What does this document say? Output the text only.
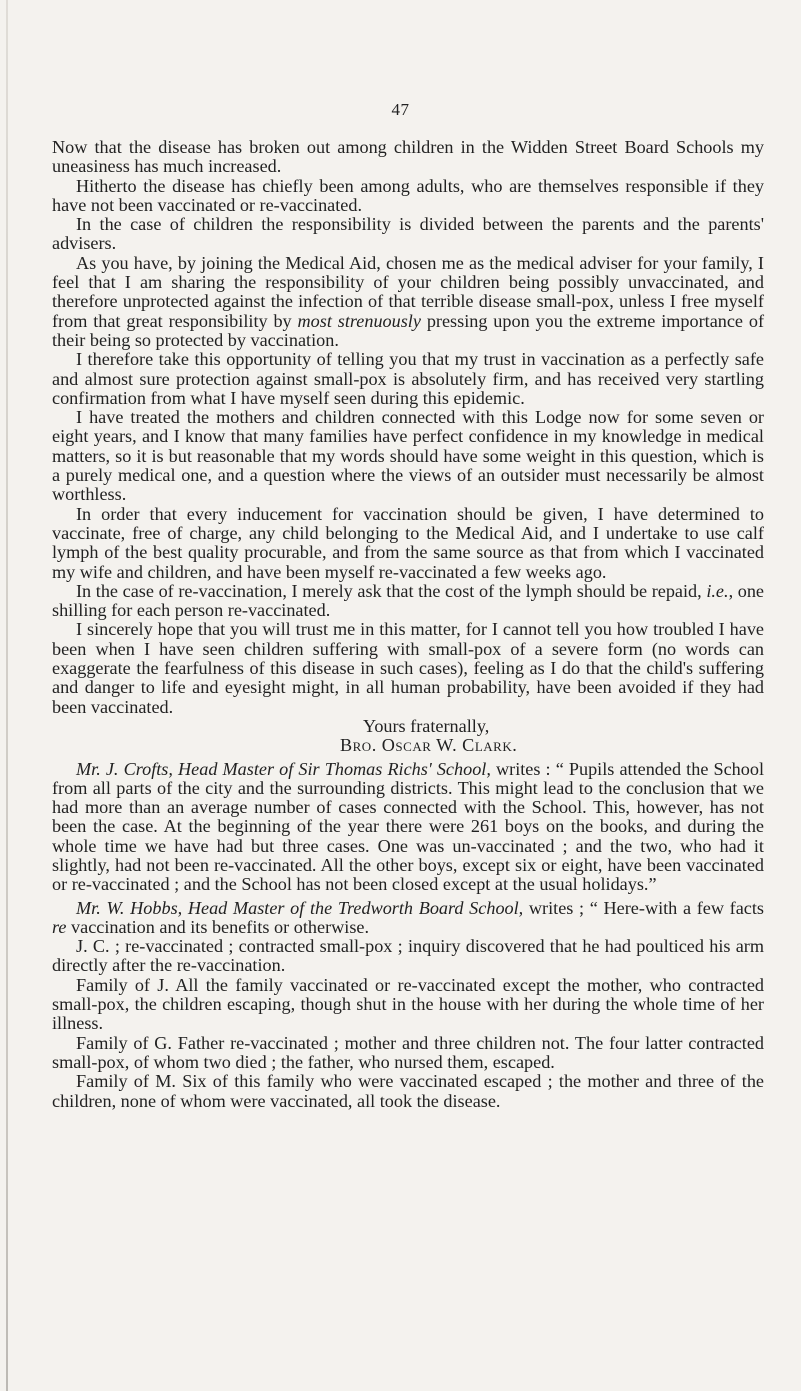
47

Now that the disease has broken out among children in the Widden Street Board Schools my uneasiness has much increased.

Hitherto the disease has chiefly been among adults, who are themselves responsible if they have not been vaccinated or re-vaccinated.

In the case of children the responsibility is divided between the parents and the parents' advisers.

As you have, by joining the Medical Aid, chosen me as the medical adviser for your family, I feel that I am sharing the responsibility of your children being possibly unvaccinated, and therefore unprotected against the infection of that terrible disease small-pox, unless I free myself from that great responsibility by most strenuously pressing upon you the extreme importance of their being so protected by vaccination.

I therefore take this opportunity of telling you that my trust in vaccination as a perfectly safe and almost sure protection against small-pox is absolutely firm, and has received very startling confirmation from what I have myself seen during this epidemic.

I have treated the mothers and children connected with this Lodge now for some seven or eight years, and I know that many families have perfect confidence in my knowledge in medical matters, so it is but reasonable that my words should have some weight in this question, which is a purely medical one, and a question where the views of an outsider must necessarily be almost worthless.

In order that every inducement for vaccination should be given, I have determined to vaccinate, free of charge, any child belonging to the Medical Aid, and I undertake to use calf lymph of the best quality procurable, and from the same source as that from which I vaccinated my wife and children, and have been myself re-vaccinated a few weeks ago.

In the case of re-vaccination, I merely ask that the cost of the lymph should be repaid, i.e., one shilling for each person re-vaccinated.

I sincerely hope that you will trust me in this matter, for I cannot tell you how troubled I have been when I have seen children suffering with small-pox of a severe form (no words can exaggerate the fearfulness of this disease in such cases), feeling as I do that the child's suffering and danger to life and eyesight might, in all human probability, have been avoided if they had been vaccinated.

Yours fraternally,

Bro. Oscar W. Clark.

Mr. J. Crofts, Head Master of Sir Thomas Richs' School, writes : “ Pupils attended the School from all parts of the city and the surrounding districts. This might lead to the conclusion that we had more than an average number of cases connected with the School. This, however, has not been the case. At the beginning of the year there were 261 boys on the books, and during the whole time we have had but three cases. One was un-vaccinated ; and the two, who had it slightly, had not been re-vaccinated. All the other boys, except six or eight, have been vaccinated or re-vaccinated ; and the School has not been closed except at the usual holidays.”

Mr. W. Hobbs, Head Master of the Tredworth Board School, writes ; “ Here-with a few facts re vaccination and its benefits or otherwise.

J. C. ; re-vaccinated ; contracted small-pox ; inquiry discovered that he had poulticed his arm directly after the re-vaccination.

Family of J. All the family vaccinated or re-vaccinated except the mother, who contracted small-pox, the children escaping, though shut in the house with her during the whole time of her illness.

Family of G. Father re-vaccinated ; mother and three children not. The four latter contracted small-pox, of whom two died ; the father, who nursed them, escaped.

Family of M. Six of this family who were vaccinated escaped ; the mother and three of the children, none of whom were vaccinated, all took the disease.
